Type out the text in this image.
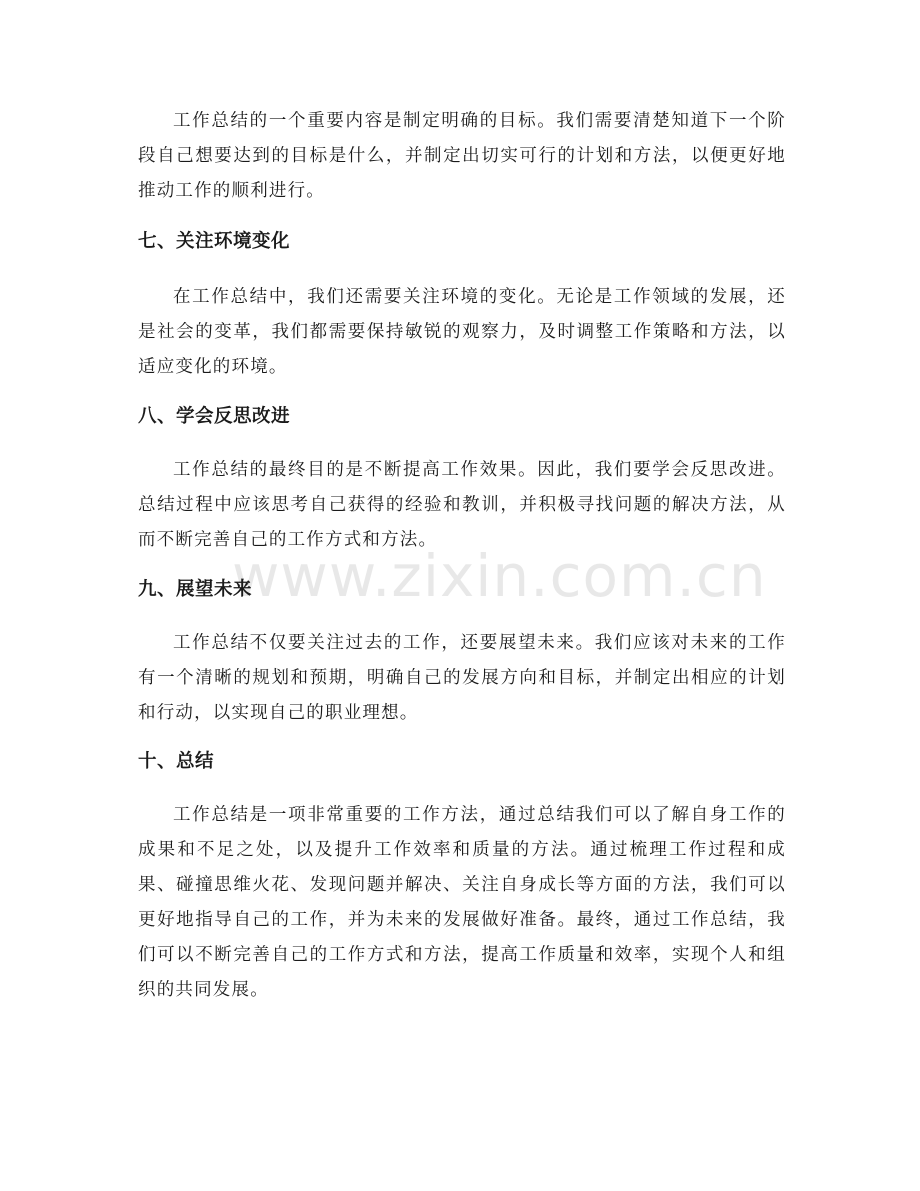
工作总结的一个重要内容是制定明确的目标。我们需要清楚知道下一个阶段自己想要达到的目标是什么，并制定出切实可行的计划和方法，以便更好地推动工作的顺利进行。

七、关注环境变化

在工作总结中，我们还需要关注环境的变化。无论是工作领域的发展，还是社会的变革，我们都需要保持敏锐的观察力，及时调整工作策略和方法，以适应变化的环境。

八、学会反思改进

工作总结的最终目的是不断提高工作效果。因此，我们要学会反思改进。总结过程中应该思考自己获得的经验和教训，并积极寻找问题的解决方法，从而不断完善自己的工作方式和方法。

www.zixin.com.cn
九、展望未来

工作总结不仅要关注过去的工作，还要展望未来。我们应该对未来的工作有一个清晰的规划和预期，明确自己的发展方向和目标，并制定出相应的计划和行动，以实现自己的职业理想。

十、总结

工作总结是一项非常重要的工作方法，通过总结我们可以了解自身工作的成果和不足之处，以及提升工作效率和质量的方法。通过梳理工作过程和成果、碰撞思维火花、发现问题并解决、关注自身成长等方面的方法，我们可以更好地指导自己的工作，并为未来的发展做好准备。最终，通过工作总结，我们可以不断完善自己的工作方式和方法，提高工作质量和效率，实现个人和组织的共同发展。
